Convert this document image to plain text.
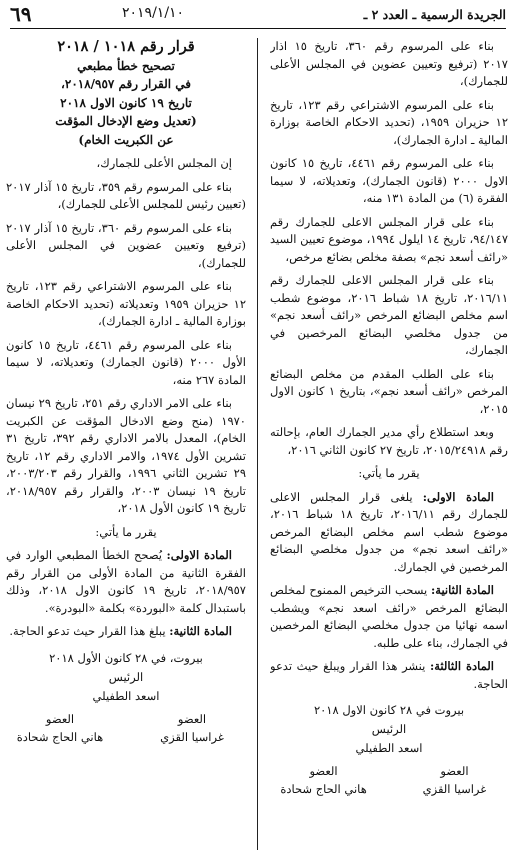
الجريدة الرسمية ـ العدد ٢ ـ
٢٠١٩/١/١٠
٦٩

بناء على المرسوم رقم ٣٦٠، تاريخ ١٥ اذار ٢٠١٧ (ترفيع وتعيين عضوين في المجلس الأعلى للجمارك)،

بناء على المرسوم الاشتراعي رقم ١٢٣، تاريخ ١٢ حزيران ١٩٥٩، (تحديد الاحكام الخاصة بوزارة المالية ـ ادارة الجمارك)،

بناء على المرسوم رقم ٤٤٦١، تاريخ ١٥ كانون الاول ٢٠٠٠ (قانون الجمارك)، وتعديلاته، لا سيما الفقرة (٦) من المادة ١٣١ منه،

بناء على قرار المجلس الاعلى للجمارك رقم ٩٤/١٤٧، تاريخ ١٤ ايلول ١٩٩٤، موضوع تعيين السيد «رائف أسعد نجم» بصفة مخلص بضائع مرخص،

بناء على قرار المجلس الاعلى للجمارك رقم ٢٠١٦/١١، تاريخ ١٨ شباط ٢٠١٦، موضوع شطب اسم مخلص البضائع المرخص «رائف أسعد نجم» من جدول مخلصي البضائع المرخصين في الجمارك،

بناء على الطلب المقدم من مخلص البضائع المرخص «رائف أسعد نجم»، بتاريخ ١ كانون الاول ٢٠١٥،

وبعد استطلاع رأي مدير الجمارك العام، بإحالته رقم ٢٠١٥/٢٤٩١٨، تاريخ ٢٧ كانون الثاني ٢٠١٦،

يقرر ما يأتي:

المادة الاولى: يلغى قرار المجلس الاعلى للجمارك رقم ٢٠١٦/١١، تاريخ ١٨ شباط ٢٠١٦، موضوع شطب اسم مخلص البضائع المرخص «رائف اسعد نجم» من جدول مخلصي البضائع المرخصين في الجمارك.

المادة الثانية: يسحب الترخيص الممنوح لمخلص البضائع المرخص «رائف اسعد نجم» ويشطب اسمه نهائيا من جدول مخلصي البضائع المرخصين في الجمارك، بناء على طلبه.

المادة الثالثة: ينشر هذا القرار ويبلغ حيث تدعو الحاجة.

بيروت في ٢٨ كانون الاول ٢٠١٨

الرئيس

اسعد الطفيلي

العضو
العضو
غراسيا القزي
هاني الحاج شحادة
قرار رقم ١٠١٨ / ٢٠١٨
تصحيح خطأ مطبعي
في القرار رقم ٢٠١٨/٩٥٧،
تاريخ ١٩ كانون الاول ٢٠١٨
(تعديل وضع الإدخال المؤقت
عن الكبريت الخام)

إن المجلس الأعلى للجمارك،

بناء على المرسوم رقم ٣٥٩، تاريخ ١٥ آذار ٢٠١٧ (تعيين رئيس للمجلس الأعلى للجمارك)،

بناء على المرسوم رقم ٣٦٠، تاريخ ١٥ آذار ٢٠١٧ (ترفيع وتعيين عضوين في المجلس الأعلى للجمارك)،

بناء على المرسوم الاشتراعي رقم ١٢٣، تاريخ ١٢ حزيران ١٩٥٩ وتعديلاته (تحديد الاحكام الخاصة بوزارة المالية ـ ادارة الجمارك)،

بناء على المرسوم رقم ٤٤٦١، تاريخ ١٥ كانون الأول ٢٠٠٠ (قانون الجمارك) وتعديلاته، لا سيما المادة ٢٦٧ منه،

بناء على الامر الاداري رقم ٢٥١، تاريخ ٢٩ نيسان ١٩٧٠ (منح وضع الادخال المؤقت عن الكبريت الخام)، المعدل بالامر الاداري رقم ٣٩٢، تاريخ ٣١ تشرين الأول ١٩٧٤، والامر الاداري رقم ١٢، تاريخ ٢٩ تشرين الثاني ١٩٩٦، والقرار رقم ٢٠٠٣/٢٠٣، تاريخ ١٩ نيسان ٢٠٠٣، والقرار رقم ٢٠١٨/٩٥٧، تاريخ ١٩ كانون الأول ٢٠١٨،

يقرر ما يأتي:

المادة الاولى: يُصحح الخطأ المطبعي الوارد في الفقرة الثانية من المادة الأولى من القرار رقم ٢٠١٨/٩٥٧، تاريخ ١٩ كانون الاول ٢٠١٨، وذلك باستبدال كلمة «البوردة» بكلمة «البودرة».

المادة الثانية: يبلغ هذا القرار حيث تدعو الحاجة.

بيروت، في ٢٨ كانون الأول ٢٠١٨

الرئيس

اسعد الطفيلي

العضو
العضو
غراسيا القزي
هاني الحاج شحادة
